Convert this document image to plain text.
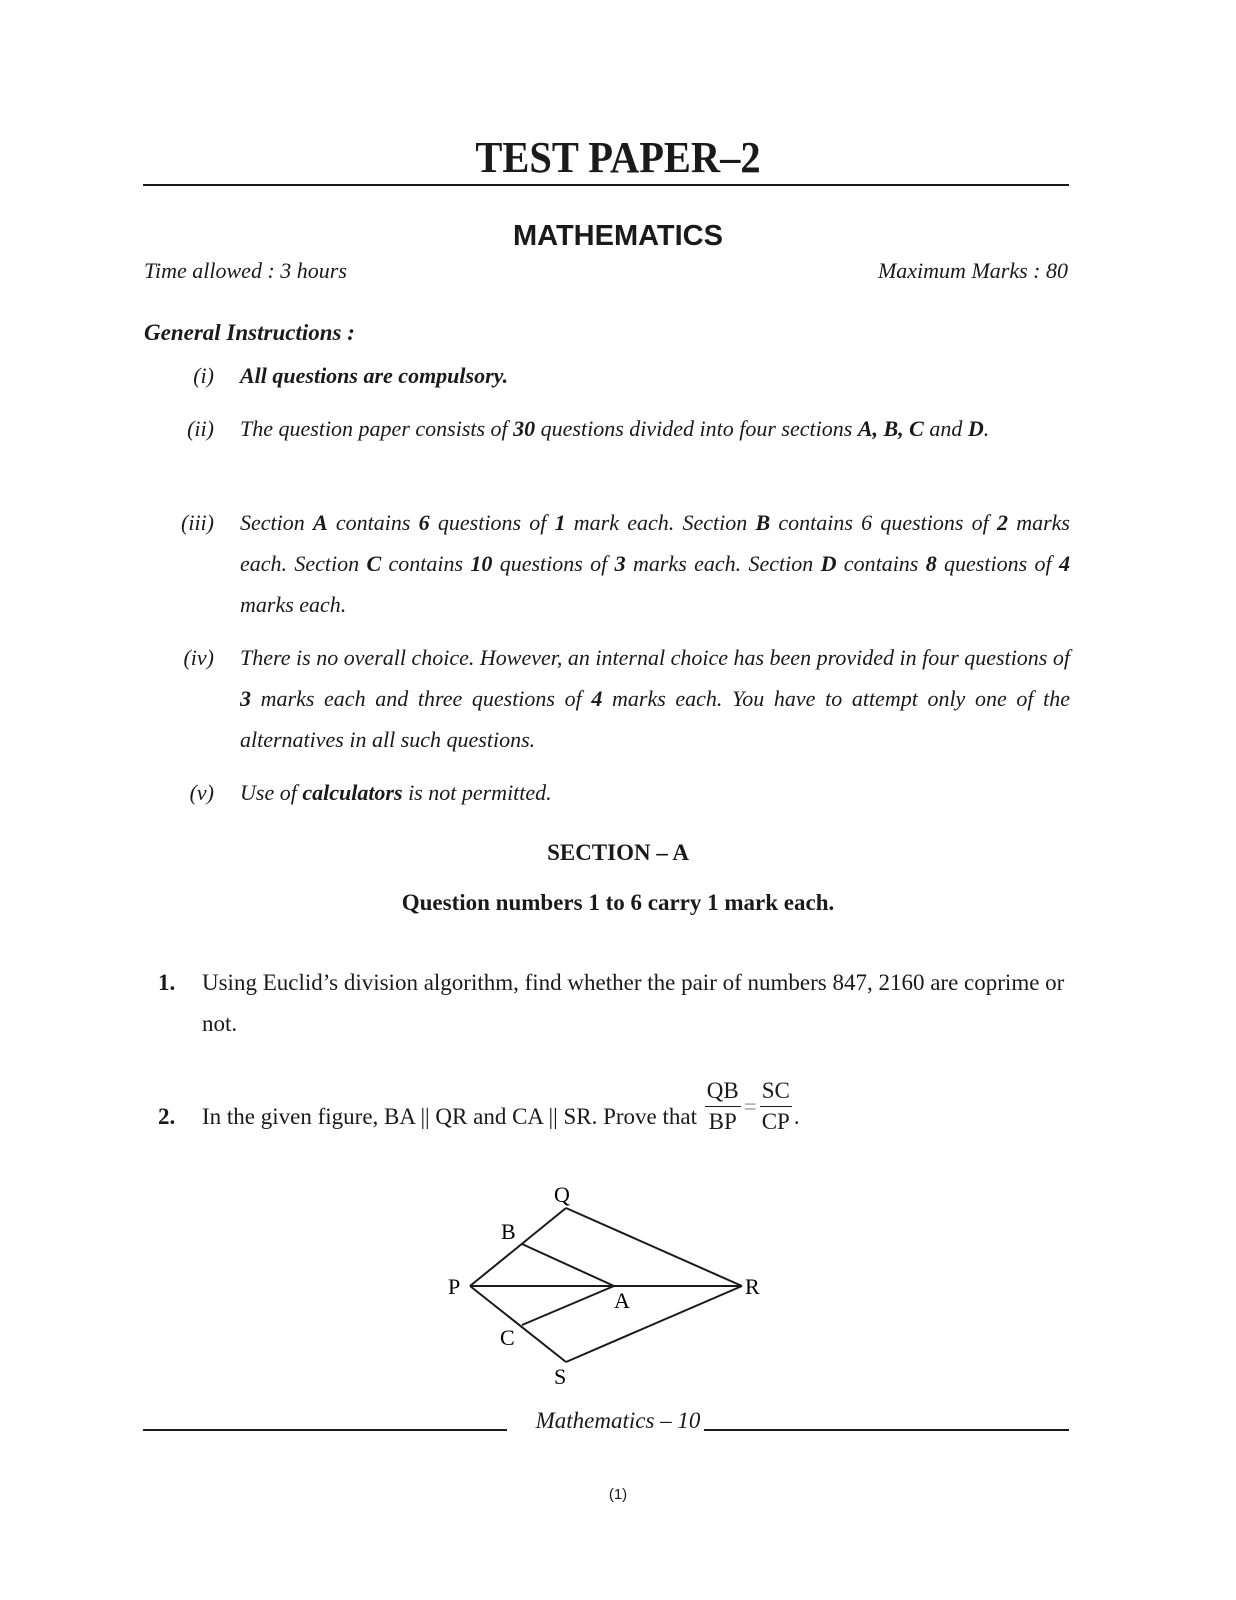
TEST PAPER–2
MATHEMATICS
Time allowed : 3 hours	Maximum Marks : 80
General Instructions :
(i) All questions are compulsory.
(ii) The question paper consists of 30 questions divided into four sections A, B, C and D.
(iii) Section A contains 6 questions of 1 mark each. Section B contains 6 questions of 2 marks each. Section C contains 10 questions of 3 marks each. Section D contains 8 questions of 4 marks each.
(iv) There is no overall choice. However, an internal choice has been provided in four questions of 3 marks each and three questions of 4 marks each. You have to attempt only one of the alternatives in all such questions.
(v) Use of calculators is not permitted.
SECTION – A
Question numbers 1 to 6 carry 1 mark each.
1. Using Euclid’s division algorithm, find whether the pair of numbers 847, 2160 are coprime or not.
2. In the given figure, BA || QR and CA || SR. Prove that $\frac{QB}{BP} = \frac{SC}{CP}$ .
Q
B
P
A
R
C
S
Mathematics – 10
(1)
